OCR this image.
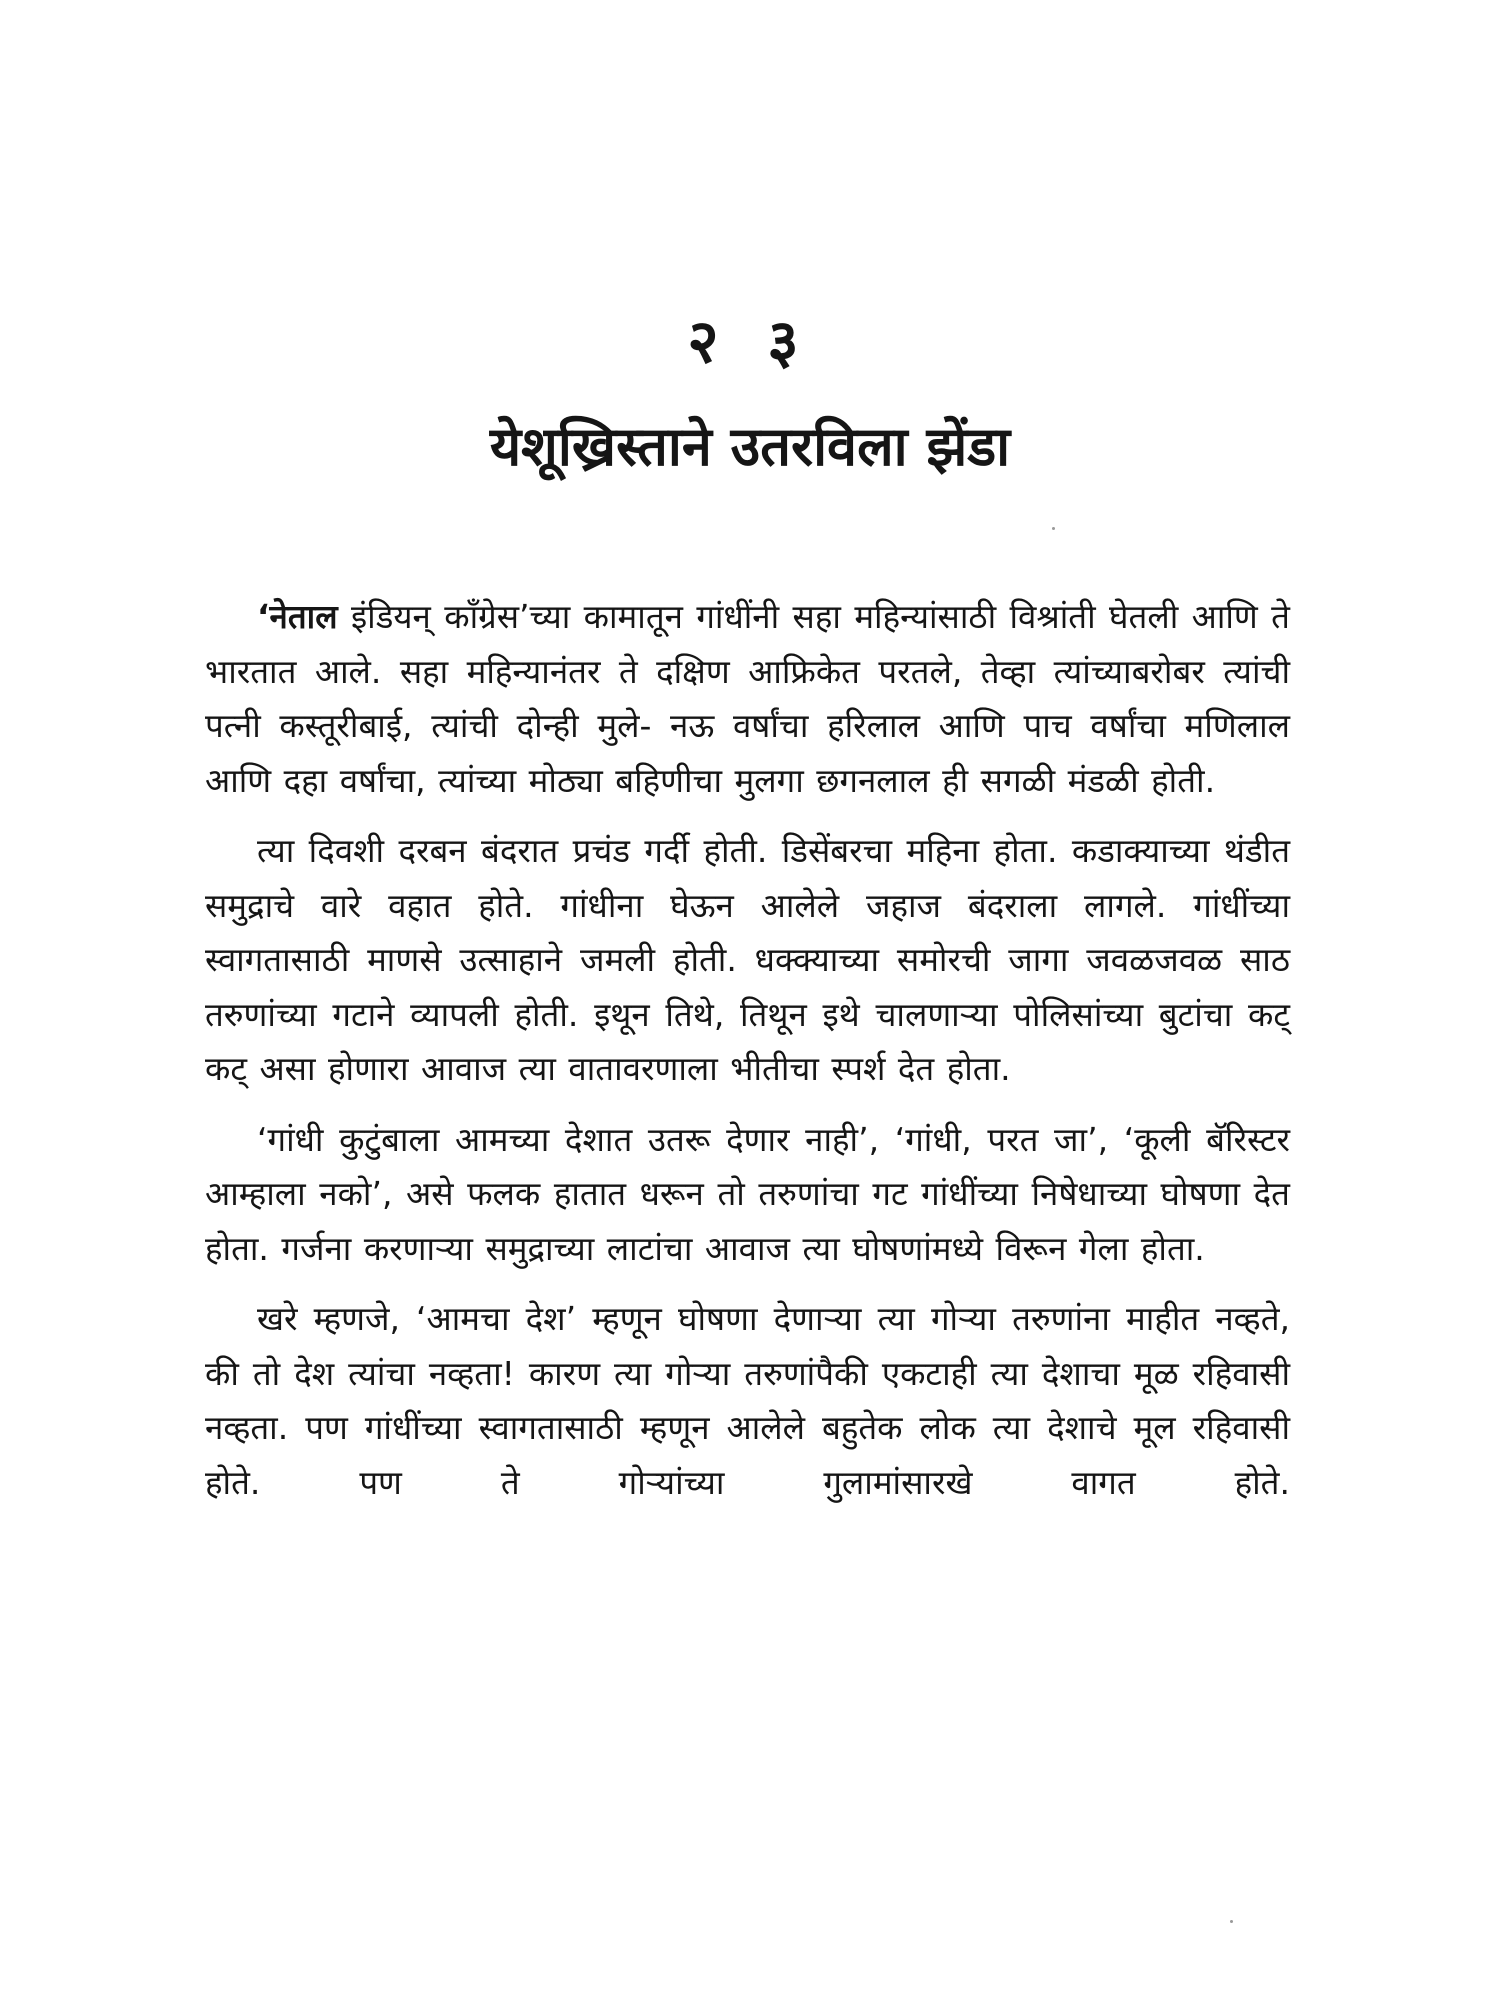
२ ३
येशूख्रिस्ताने उतरविला झेंडा

‘नेताल इंडियन् कॉंग्रेस’च्या कामातून गांधींनी सहा महिन्यांसाठी विश्रांती घेतली आणि ते भारतात आले. सहा महिन्यानंतर ते दक्षिण आफ्रिकेत परतले, तेव्हा त्यांच्याबरोबर त्यांची पत्नी कस्तूरीबाई, त्यांची दोन्ही मुले- नऊ वर्षांचा हरिलाल आणि पाच वर्षांचा मणिलाल आणि दहा वर्षांचा, त्यांच्या मोठ्या बहिणीचा मुलगा छगनलाल ही सगळी मंडळी होती.

त्या दिवशी दरबन बंदरात प्रचंड गर्दी होती. डिसेंबरचा महिना होता. कडाक्याच्या थंडीत समुद्राचे वारे वहात होते. गांधीना घेऊन आलेले जहाज बंदराला लागले. गांधींच्या स्वागतासाठी माणसे उत्साहाने जमली होती. धक्क्याच्या समोरची जागा जवळजवळ साठ तरुणांच्या गटाने व्यापली होती. इथून तिथे, तिथून इथे चालणाऱ्या पोलिसांच्या बुटांचा कट् कट् असा होणारा आवाज त्या वातावरणाला भीतीचा स्पर्श देत होता.

‘गांधी कुटुंबाला आमच्या देशात उतरू देणार नाही’, ‘गांधी, परत जा’, ‘कूली बॅरिस्टर आम्हाला नको’, असे फलक हातात धरून तो तरुणांचा गट गांधींच्या निषेधाच्या घोषणा देत होता. गर्जना करणाऱ्या समुद्राच्या लाटांचा आवाज त्या घोषणांमध्ये विरून गेला होता.

खरे म्हणजे, ‘आमचा देश’ म्हणून घोषणा देणाऱ्या त्या गोऱ्या तरुणांना माहीत नव्हते, की तो देश त्यांचा नव्हता! कारण त्या गोऱ्या तरुणांपैकी एकटाही त्या देशाचा मूळ रहिवासी नव्हता. पण गांधींच्या स्वागतासाठी म्हणून आलेले बहुतेक लोक त्या देशाचे मूल रहिवासी होते. पण ते गोऱ्यांच्या गुलामांसारखे वागत होते.
